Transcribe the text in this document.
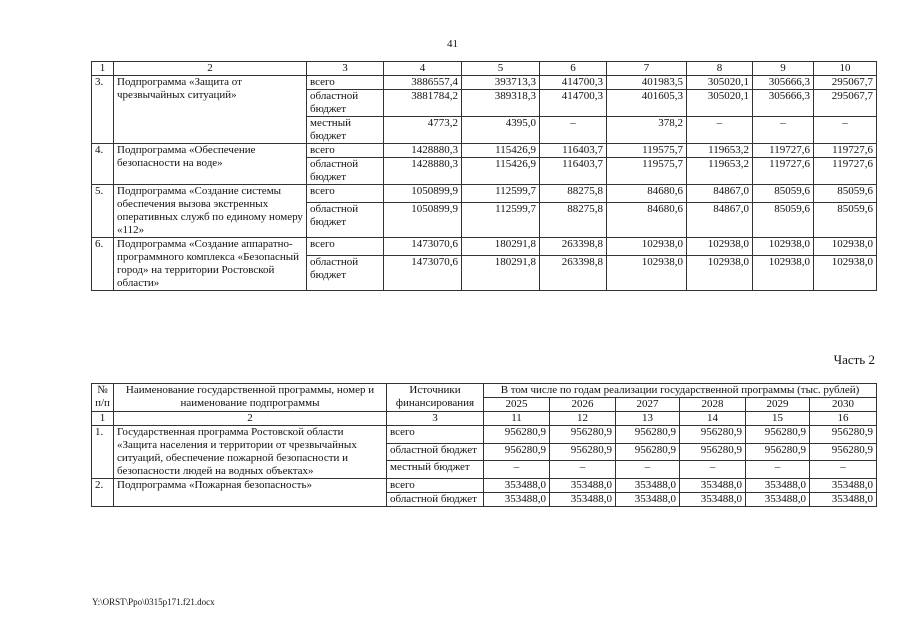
41
1	2	3	4	5	6	7	8	9	10
3.	Подпрограмма «Защита от чрезвычайных ситуаций»	всего	3886557,4	393713,3	414700,3	401983,5	305020,1	305666,3	295067,7
		областной бюджет	3881784,2	389318,3	414700,3	401605,3	305020,1	305666,3	295067,7
		местный бюджет	4773,2	4395,0	–	378,2	–	–	–
4.	Подпрограмма «Обеспечение безопасности на воде»	всего	1428880,3	115426,9	116403,7	119575,7	119653,2	119727,6	119727,6
		областной бюджет	1428880,3	115426,9	116403,7	119575,7	119653,2	119727,6	119727,6
5.	Подпрограмма «Создание системы обеспечения вызова экстренных оперативных служб по единому номеру «112»	всего	1050899,9	112599,7	88275,8	84680,6	84867,0	85059,6	85059,6
		областной бюджет	1050899,9	112599,7	88275,8	84680,6	84867,0	85059,6	85059,6
6.	Подпрограмма «Создание аппаратно-программного комплекса «Безопасный город» на территории Ростовской области»	всего	1473070,6	180291,8	263398,8	102938,0	102938,0	102938,0	102938,0
		областной бюджет	1473070,6	180291,8	263398,8	102938,0	102938,0	102938,0	102938,0
Часть 2
№ п/п	Наименование государственной программы, номер и наименование подпрограммы	Источники финансирования	В том числе по годам реализации государственной программы (тыс. рублей)					
			2025	2026	2027	2028	2029	2030
1	2	3	11	12	13	14	15	16
1.	Государственная программа Ростовской области «Защита населения и территории от чрезвычайных ситуаций, обеспечение пожарной безопасности и безопасности людей на водных объектах»	всего	956280,9	956280,9	956280,9	956280,9	956280,9	956280,9
		областной бюджет	956280,9	956280,9	956280,9	956280,9	956280,9	956280,9
		местный бюджет	–	–	–	–	–	–
2.	Подпрограмма «Пожарная безопасность»	всего	353488,0	353488,0	353488,0	353488,0	353488,0	353488,0
		областной бюджет	353488,0	353488,0	353488,0	353488,0	353488,0	353488,0
Y:\ORST\Ppo\0315p171.f21.docx
